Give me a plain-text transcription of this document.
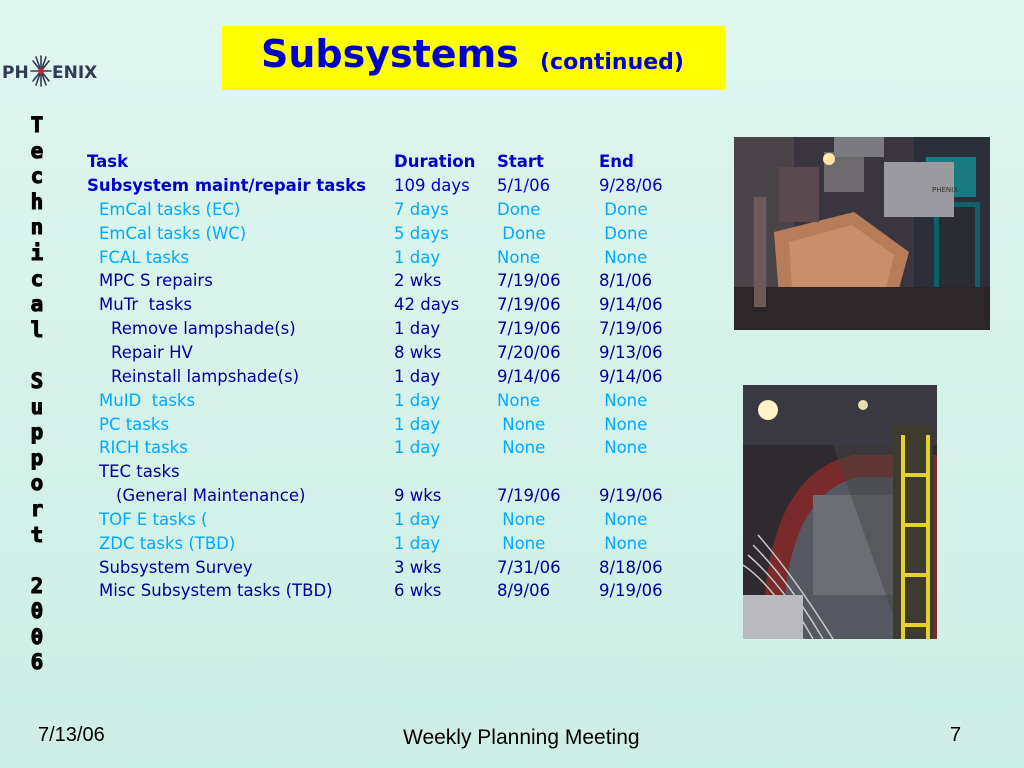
PH ENIX	Subsystems (continued)
T
e
c
h
n
i
c
a
l

S
u
p
p
o
r
t

2
0
0
6
Task	Duration Start	End
Subsystem maint/repair tasks 109 days 5/1/06	9/28/06
EmCal tasks (EC)	7 days	Done	Done
EmCal tasks (WC)	5 days	Done	Done
FCAL tasks	1 day	None	None
MPC S repairs	2 wks	7/19/06 8/1/06
MuTr  tasks	42 days 7/19/06 9/14/06
Remove lampshade(s)	1 day	7/19/06 7/19/06
Repair HV	8 wks	7/20/06 9/13/06
Reinstall lampshade(s)	1 day	9/14/06 9/14/06
MuID  tasks	1 day	None	None
PC tasks	1 day	None	None
RICH tasks	1 day	None	None
TEC tasks
(General Maintenance)	9 wks	7/19/06 9/19/06
TOF E tasks (	1 day	None	None
ZDC tasks (TBD)	1 day	None	None
Subsystem Survey	3 wks	7/31/06 8/18/06
Misc Subsystem tasks (TBD)	6 wks	8/9/06	9/19/06
PHENIX
7/13/06	Weekly Planning Meeting	7
